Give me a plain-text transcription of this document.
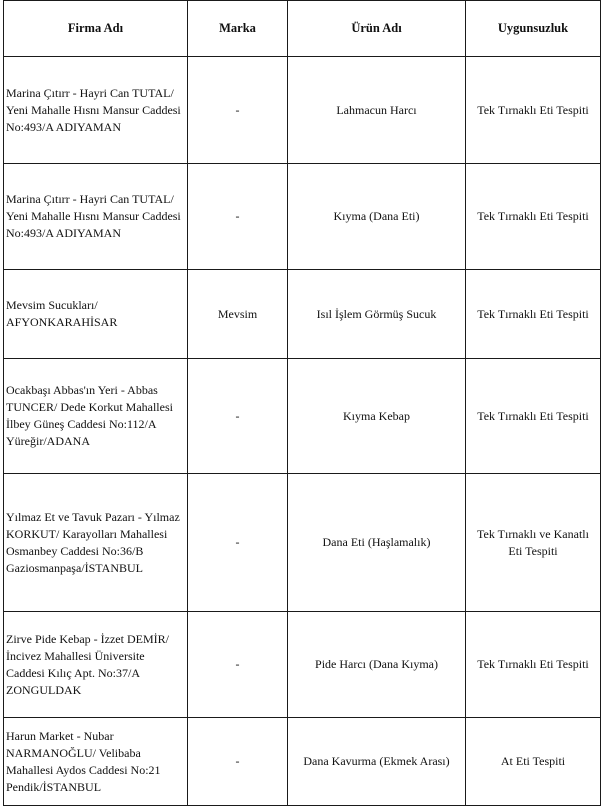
Firma Adı	Marka	Ürün Adı	Uygunsuzluk
Marina Çıtırr - Hayri Can TUTAL/ Yeni Mahalle Hısnı Mansur Caddesi No:493/A ADIYAMAN	-	Lahmacun Harcı	Tek Tırnaklı Eti Tespiti
Marina Çıtırr - Hayri Can TUTAL/ Yeni Mahalle Hısnı Mansur Caddesi No:493/A ADIYAMAN	-	Kıyma (Dana Eti)	Tek Tırnaklı Eti Tespiti
Mevsim Sucukları/ AFYONKARAHİSAR	Mevsim	Isıl İşlem Görmüş Sucuk	Tek Tırnaklı Eti Tespiti
Ocakbaşı Abbas'ın Yeri - Abbas TUNCER/ Dede Korkut Mahallesi İlbey Güneş Caddesi No:112/A Yüreğir/ADANA	-	Kıyma Kebap	Tek Tırnaklı Eti Tespiti
Yılmaz Et ve Tavuk Pazarı - Yılmaz KORKUT/ Karayolları Mahallesi Osmanbey Caddesi No:36/B Gaziosmanpaşa/İSTANBUL	-	Dana Eti (Haşlamalık)	Tek Tırnaklı ve Kanatlı Eti Tespiti
Zirve Pide Kebap - İzzet DEMİR/ İncivez Mahallesi Üniversite Caddesi Kılıç Apt. No:37/A ZONGULDAK	-	Pide Harcı (Dana Kıyma)	Tek Tırnaklı Eti Tespiti
Harun Market - Nubar NARMANOĞLU/ Velibaba Mahallesi Aydos Caddesi No:21 Pendik/İSTANBUL	-	Dana Kavurma (Ekmek Arası)	At Eti Tespiti
